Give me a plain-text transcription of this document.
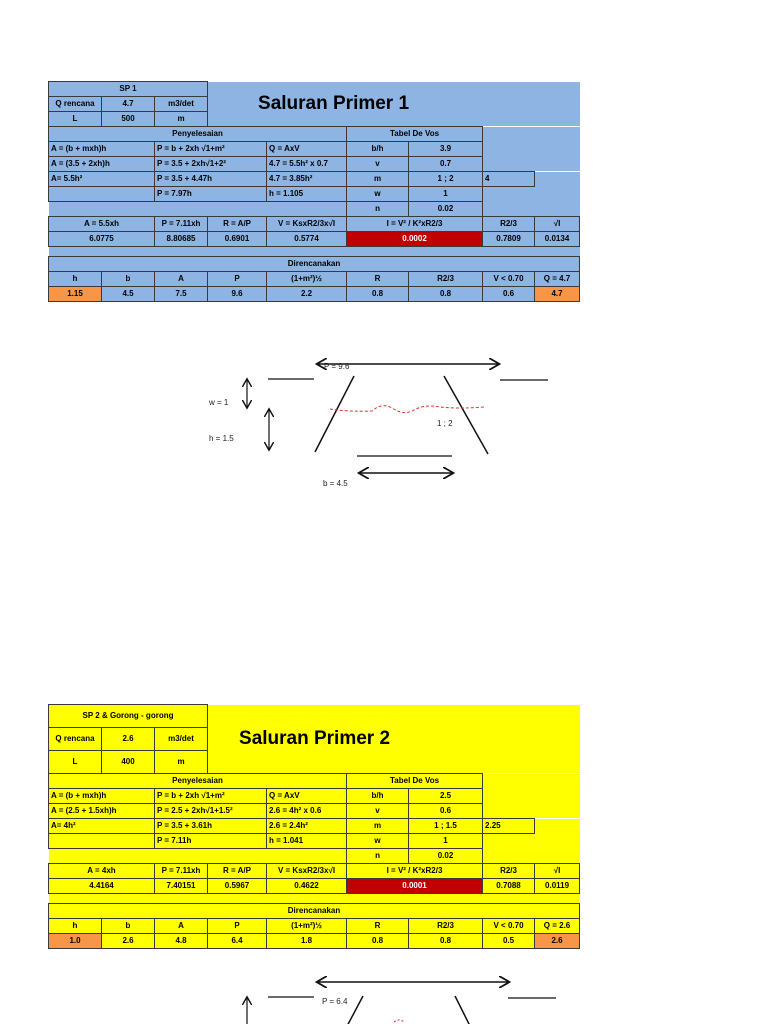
SP 1			Saluran Primer 1					
Q rencana	4.7	m3/det						
L	500	m						
Penyelesaian					Tabel De Vos			
A = (b + mxh)h		P = b + 2xh √1+m²		Q = AxV	b/h	3.9		
A = (3.5 + 2xh)h		P = 3.5 + 2xh√1+2²		4.7 = 5.5h² x 0.7	v	0.7		
A= 5.5h²		P = 3.5 + 4.47h		4.7 = 3.85h²	m	1 ; 2	4	
		P = 7.97h		h = 1.105	w	1		
					n	0.02		
A = 5.5xh		P = 7.11xh	R = A/P	V = KsxR2/3x√I	I = V² / K²xR2/3		R2/3	√I
6.0775		8.80685	0.6901	0.5774	0.0002		0.7809	0.0134

Direncanakan								
h	b	A	P	(1+m²)½	R	R2/3	V < 0.70	Q = 4.7
1.15	4.5	7.5	9.6	2.2	0.8	0.8	0.6	4.7
P = 9.6
w = 1
h = 1.5
1 ; 2
b = 4.5
SP 2 & Gorong - gorong			Saluran Primer 2					
Q rencana	2.6	m3/det						
L	400	m						
Penyelesaian					Tabel De Vos			
A = (b + mxh)h		P = b + 2xh √1+m²		Q = AxV	b/h	2.5		
A = (2.5 + 1.5xh)h		P = 2.5 + 2xh√1+1.5²		2.6 = 4h² x 0.6	v	0.6		
A= 4h²		P = 3.5 + 3.61h		2.6 = 2.4h²	m	1 ; 1.5	2.25	
		P = 7.11h		h = 1.041	w	1		
					n	0.02		
A = 4xh		P = 7.11xh	R = A/P	V = KsxR2/3x√I	I = V² / K²xR2/3		R2/3	√I
4.4164		7.40151	0.5967	0.4622	0.0001		0.7088	0.0119

Direncanakan								
h	b	A	P	(1+m²)½	R	R2/3	V < 0.70	Q = 2.6
1.0	2.6	4.8	6.4	1.8	0.8	0.8	0.5	2.6
P = 6.4
